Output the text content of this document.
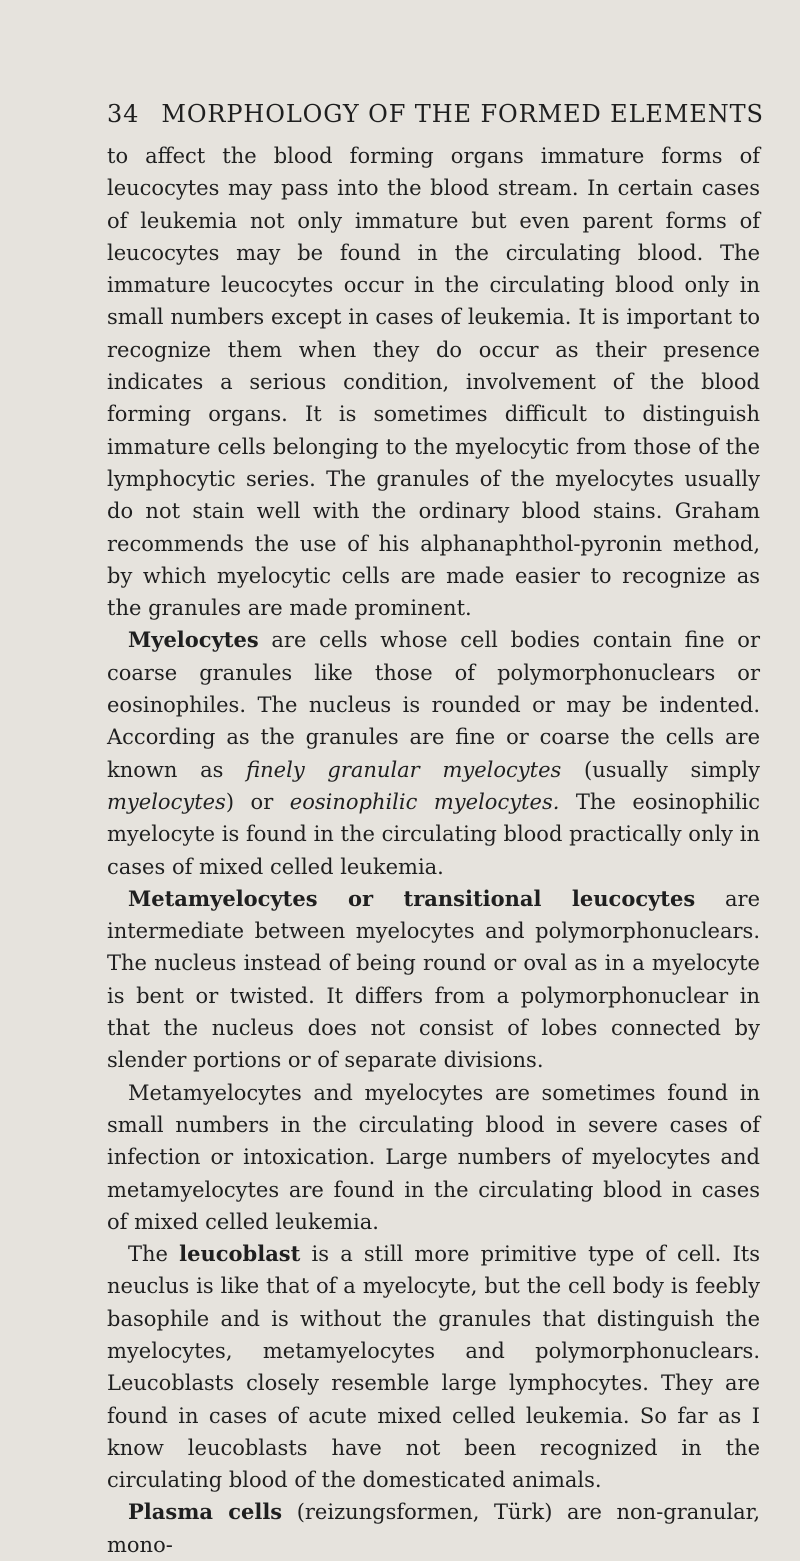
34 MORPHOLOGY OF THE FORMED ELEMENTS

to affect the blood forming organs immature forms of leucocytes may pass into the blood stream. In certain cases of leukemia not only immature but even parent forms of leucocytes may be found in the circulating blood. The immature leucocytes occur in the circulating blood only in small numbers except in cases of leukemia. It is important to recognize them when they do occur as their presence indicates a serious condition, involvement of the blood forming organs. It is sometimes difficult to distinguish immature cells belonging to the myelocytic from those of the lymphocytic series. The granules of the myelocytes usually do not stain well with the ordinary blood stains. Graham recommends the use of his alphanaphthol-pyronin method, by which myelocytic cells are made easier to recognize as the granules are made prominent.

Myelocytes are cells whose cell bodies contain fine or coarse granules like those of polymorphonuclears or eosinophiles. The nucleus is rounded or may be indented. According as the granules are fine or coarse the cells are known as finely granular myelocytes (usually simply myelocytes) or eosinophilic myelocytes. The eosinophilic myelocyte is found in the circulating blood practically only in cases of mixed celled leukemia.

Metamyelocytes or transitional leucocytes are intermediate between myelocytes and polymorphonuclears. The nucleus instead of being round or oval as in a myelocyte is bent or twisted. It differs from a polymorphonuclear in that the nucleus does not consist of lobes connected by slender portions or of separate divisions.

Metamyelocytes and myelocytes are sometimes found in small numbers in the circulating blood in severe cases of infection or intoxication. Large numbers of myelocytes and metamyelocytes are found in the circulating blood in cases of mixed celled leukemia.

The leucoblast is a still more primitive type of cell. Its neuclus is like that of a myelocyte, but the cell body is feebly basophile and is without the granules that distinguish the myelocytes, metamyelocytes and polymorphonuclears. Leucoblasts closely resemble large lymphocytes. They are found in cases of acute mixed celled leukemia. So far as I know leucoblasts have not been recognized in the circulating blood of the domesticated animals.

Plasma cells (reizungsformen, Türk) are non-granular, mono-
